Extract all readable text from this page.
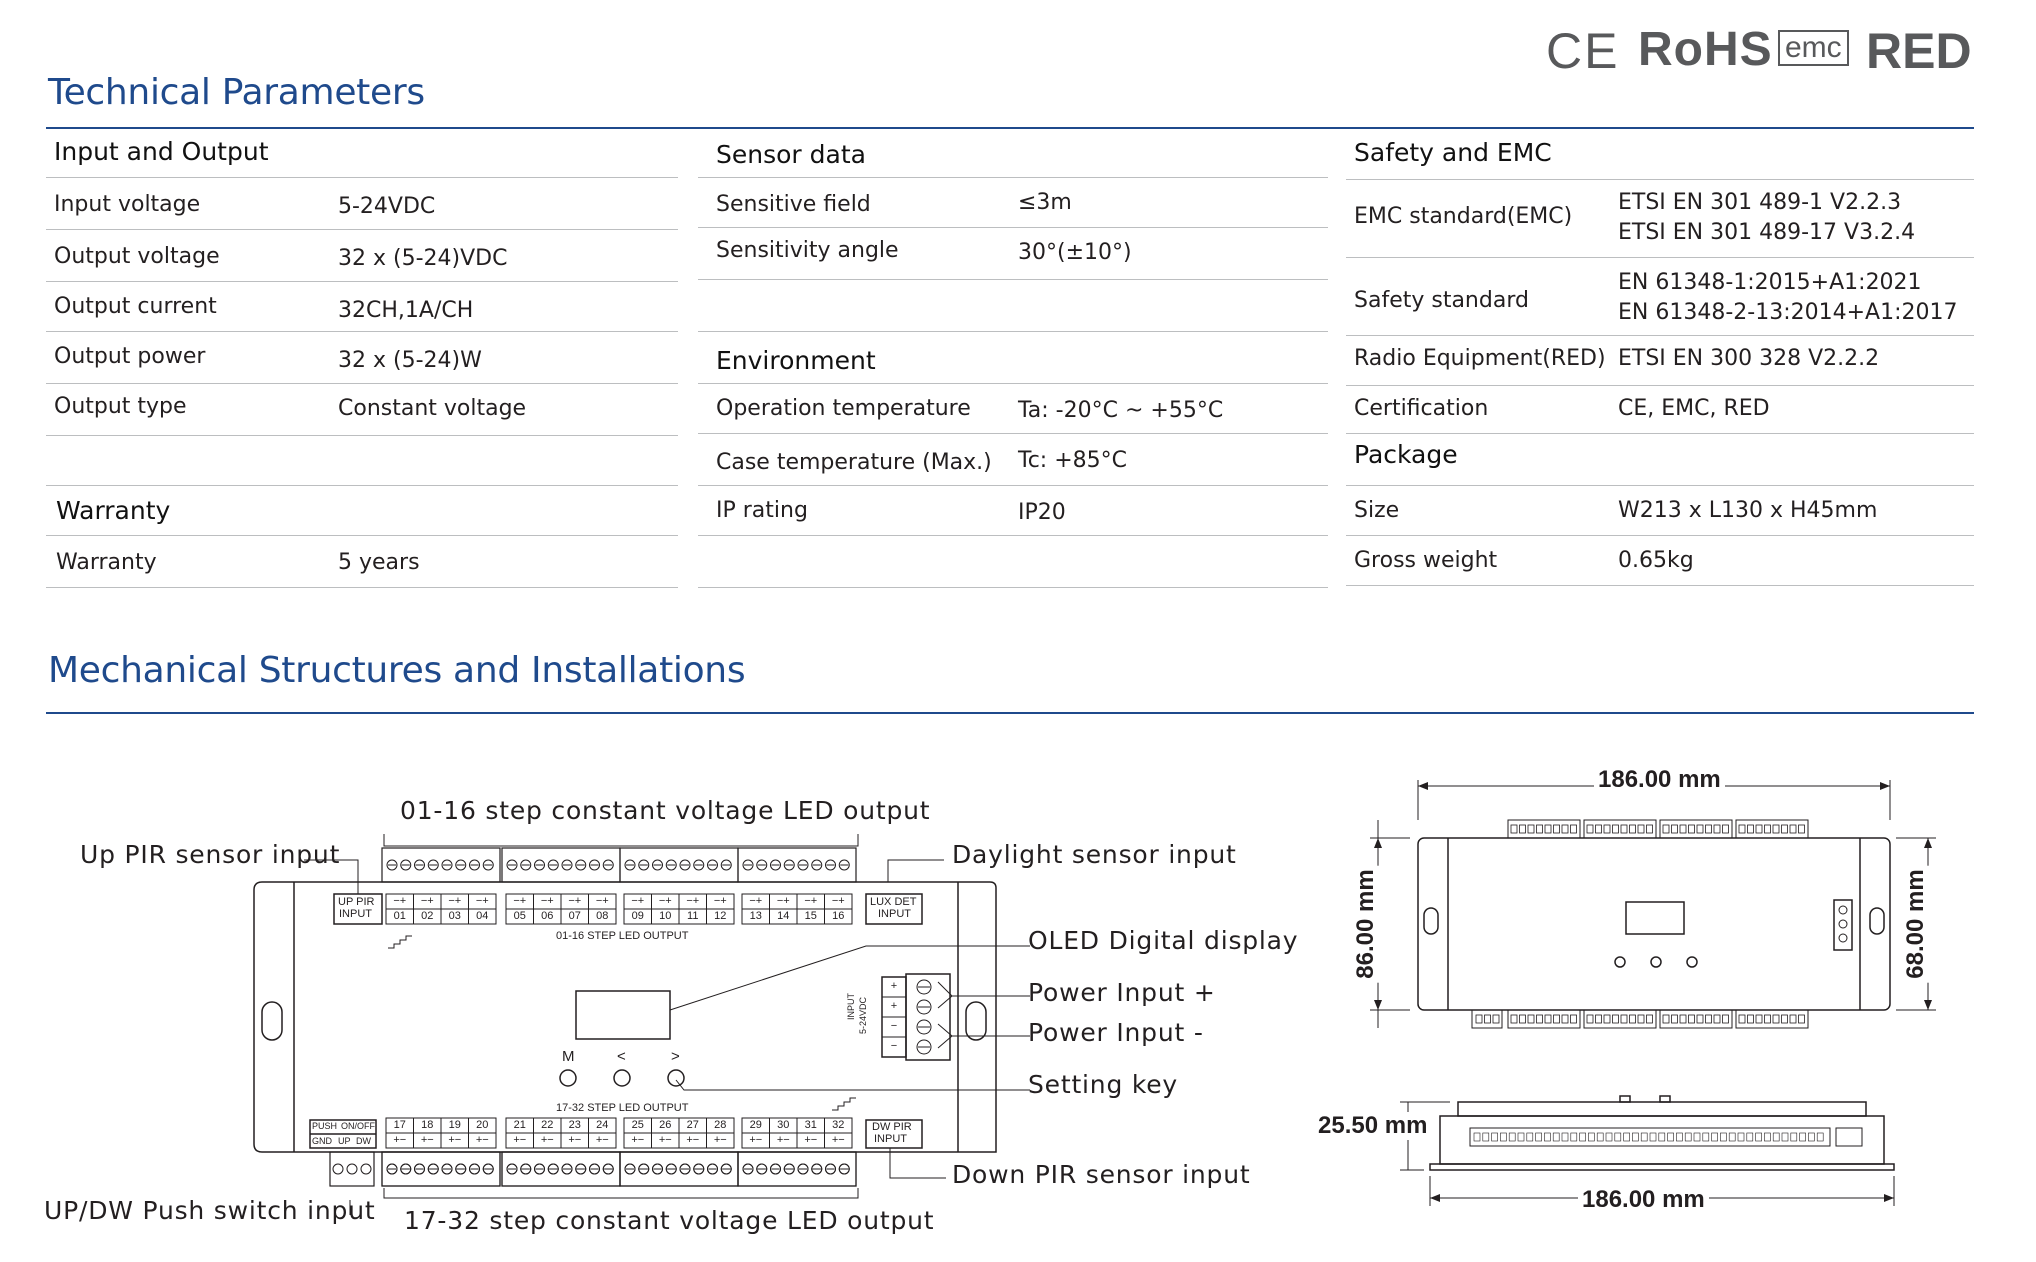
CE RoHS emc RED
Technical Parameters
Input and Output
Input voltage	5-24VDC
Output voltage	32 x (5-24)VDC
Output current	32CH,1A/CH
Output power	32 x (5-24)W
Output type	Constant voltage
Warranty
Warranty	5 years
Sensor data
Sensitive field	≤3m
Sensitivity angle	30°(±10°)
Environment
Operation temperature Ta: -20°C ~ +55°C
Case temperature (Max.) Tc: +85°C
IP rating	IP20
Safety and EMC
EMC standard(EMC)
ETSI EN 301 489-1 V2.2.3
ETSI EN 301 489-17 V3.2.4
Safety standard
EN 61348-1:2015+A1:2021
EN 61348-2-13:2014+A1:2017
Radio Equipment(RED) ETSI EN 300 328 V2.2.2
Certification	CE, EMC, RED
Package
Size	W213 x L130 x H45mm
Gross weight	0.65kg
Mechanical Structures and Installations
UP PIR
INPUT
LUX DET
INPUT
01-16 STEP LED OUTPUT
17-32 STEP LED OUTPUT
DW PIR
INPUT
PUSH ON/OFF
GND UP DW
INPUT 5-24VDC
M	<	>
−+
01
17
+−
−+
02
18
+−
−+
03
19
+−
−+
04
20
+−
−+
05
21
+−
−+
06
22
+−
−+
07
23
+−
−+
08
24
+−
−+
09
25
+−
−+
10
26
+−
−+
11
27
+−
−+
12
28
+−
−+
13
29
+−
−+
14
30
+−
−+
15
31
+−
−+
16
32
+−
+
+
−
−
01-16 step constant voltage LED output
Up PIR sensor input	Daylight sensor input
OLED Digital display
Power Input +
Power Input -
Setting key
Down PIR sensor input
UP/DW Push switch input 17-32 step constant voltage LED output
186.00 mm
86.00 mm	68.00 mm
25.50 mm
186.00 mm
